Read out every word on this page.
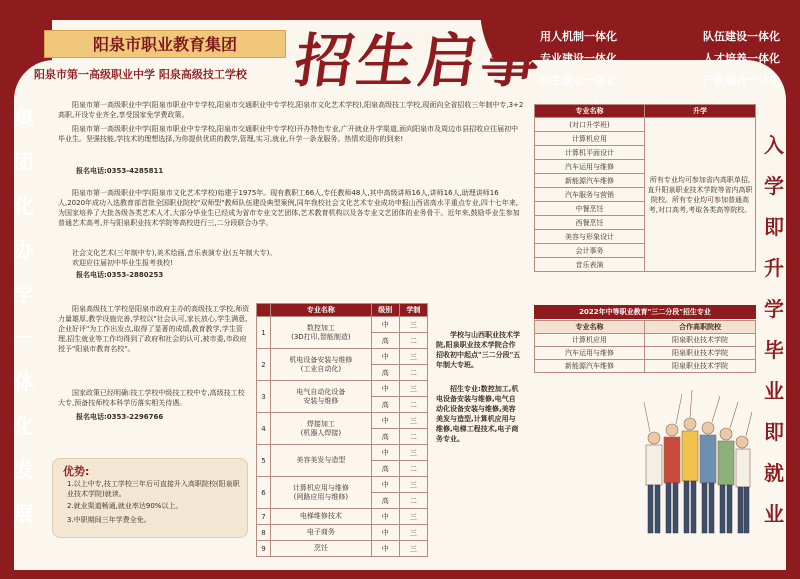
阳泉市职业教育集团
阳泉市第一高级职业中学 阳泉高级技工学校 招生启事
用人机制一体化	队伍建设一体化
专业建设一体化	人才培养一体化
招生就业一体化	产教融合一体化
集
团
化
办
学
一
体
化
发
展
入
学
即
升
学
毕
业
即
就
业
阳泉市第一高级职业中学(阳泉市职业中专学校,阳泉市交通职业中专学校,阳泉市文化艺术学校),阳泉高级技工学校,现面向全省招收三年制中专,3+2高职,开设专业齐全,享受国家免学费政策。
阳泉市第一高级职业中学(阳泉市职业中专学校,阳泉市交通职业中专学校)开办特色专业,广开就业升学渠道,面向阳泉市及周边市县招收应往届初中毕业生。坚强技能,学技术的理想选择,为你提供优质的教学,管理,实习,就业,升学一条龙服务。热情欢迎你的到来!
报名电话:0353-4285811
阳泉市第一高级职业中学(阳泉市文化艺术学校)始建于1975年。现有教职工66人,专任教师48人,其中高级讲师16人,讲师16人,助理讲师16人,2020年成功入选教育部首批全国职业院校"双师型"教师队伍建设典型案例,同年我校社会文化艺术专业成功申报山西省高水平重点专业,四十七年来,为国家培养了大批各级各类艺术人才,大部分毕业生已经成为省市专业文艺团体,艺术教育机构以及各专业文艺团体的业务骨干。近年来,鼓励毕业生参加普通艺术高考,并与阳泉职业技术学院等高校进行三,二分段联合办学。
社会文化艺术(三年制中专),美术绘画,音乐表演专业(五年制大专)。
欢迎应往届初中毕业生报考我校!
报名电话:0353-2880253
阳泉高级技工学校是阳泉市政府主办的高级技工学校,师资力量雄厚,教学设施完善,学校以"社会认可,家长放心,学生满意,企业好评"为工作出发点,取得了显著的成绩,教育教学,学生管理,招生就业等工作均得到了政府和社会的认可,被市委,市政府授予"阳泉市教育名校"。
国家政策已经明确:技工学校中级技工校中专,高级技工校大专,预备技师校本科学历落实相关待遇。
报名电话:0353-2296766
优势:
1.以上中专,技工学校三年后可直接升入高职院校(阳泉职业技术学院)就读。
2.就业渠道畅通,就业率达90%以上。
3.中职期间三年学费全免。
	专业名称	级别	学制
1	数控加工
(3D打印,智能制造)	中	三
		高	二
2	机电设备安装与维修
(工业自动化)	中	三
		高	二
3	电气自动化设备
安装与维修	中	三
		高	二
4	焊接加工
(机器人焊接)	中	三
		高	二
5	美容美发与造型	中	三
		高	二
6	计算机应用与维修
(网路应用与维修)	中	三
		高	二
7	电梯维修技术	中	三
8	电子商务	中	三
9	烹饪	中	三
学校与山西职业技术学院,阳泉职业技术学院合作招收初中起点"三二分段"五年制大专班。
招生专业:数控加工,机电设备安装与维修,电气自动化设备安装与维修,美容美发与造型,计算机应用与维修,电梯工程技术,电子商务专业。
专业名称	升学
(对口升学班)	所有专业均可参加省内高职单招,直升阳泉职业技术学院等省内高职院校。所有专业均可参加普通高考,对口高考,考取各类高等院校。
计算机应用	
计算机平面设计	
汽车运用与维修	
新能源汽车维修	
汽车服务与营销	
中餐烹饪	
西餐烹饪	
美容与形象设计	
会计事务	
音乐表演	
2022年中等职业教育"三二分段"招生专业
专业名称	合作高职院校
计算机应用	阳泉职业技术学院
汽车运用与维修	阳泉职业技术学院
新能源汽车维修	阳泉职业技术学院
